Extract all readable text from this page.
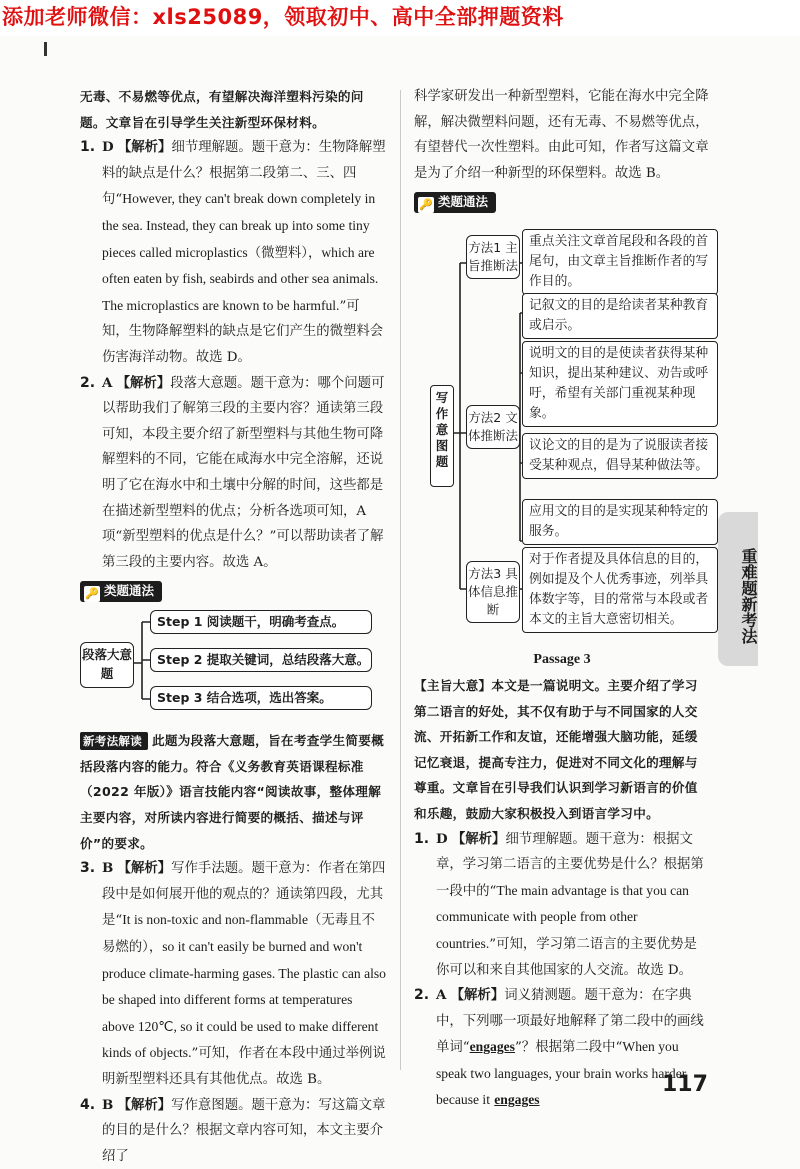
添加老师微信：xls25089，领取初中、高中全部押题资料

无毒、不易燃等优点，有望解决海洋塑料污染的问题。文章旨在引导学生关注新型环保材料。

1. D 【解析】细节理解题。题干意为：生物降解塑料的缺点是什么？根据第二段第二、三、四句“However, they can't break down completely in the sea. Instead, they can break up into some tiny pieces called microplastics（微塑料），which are often eaten by fish, seabirds and other sea animals. The microplastics are known to be harmful.”可知，生物降解塑料的缺点是它们产生的微塑料会伤害海洋动物。故选 D。
2. A 【解析】段落大意题。题干意为：哪个问题可以帮助我们了解第三段的主要内容？通读第三段可知，本段主要介绍了新型塑料与其他生物可降解塑料的不同，它能在咸海水中完全溶解，还说明了它在海水中和土壤中分解的时间，这些都是在描述新型塑料的优点；分析各选项可知，A 项“新型塑料的优点是什么？”可以帮助读者了解第三段的主要内容。故选 A。
🔑 类题通法
段落大意题
Step 1 阅读题干，明确考查点。
Step 2 提取关键词，总结段落大意。
Step 3 结合选项，选出答案。

新考法解读 此题为段落大意题，旨在考查学生简要概括段落内容的能力。符合《义务教育英语课程标准（2022 年版）》语言技能内容“阅读故事，整体理解主要内容，对所读内容进行简要的概括、描述与评价”的要求。

3. B 【解析】写作手法题。题干意为：作者在第四段中是如何展开他的观点的？通读第四段，尤其是“It is non-toxic and non-flammable（无毒且不易燃的），so it can't easily be burned and won't produce climate-harming gases. The plastic can also be shaped into different forms at temperatures above 120℃, so it could be used to make different kinds of objects.”可知，作者在本段中通过举例说明新型塑料还具有其他优点。故选 B。
4. B 【解析】写作意图题。题干意为：写这篇文章的目的是什么？根据文章内容可知，本文主要介绍了

科学家研发出一种新型塑料，它能在海水中完全降解，解决微塑料问题，还有无毒、不易燃等优点，有望替代一次性塑料。由此可知，作者写这篇文章是为了介绍一种新型的环保塑料。故选 B。

🔑 类题通法
写作意图题
方法1 主旨推断法
方法2 文体推断法
方法3 具体信息推断
重点关注文章首尾段和各段的首尾句，由文章主旨推断作者的写作目的。
记叙文的目的是给读者某种教育或启示。
说明文的目的是使读者获得某种知识，提出某种建议、劝告或呼吁，希望有关部门重视某种现象。
议论文的目的是为了说服读者接受某种观点，倡导某种做法等。
应用文的目的是实现某种特定的服务。
对于作者提及具体信息的目的，例如提及个人优秀事迹，列举具体数字等，目的常常与本段或者本文的主旨大意密切相关。

Passage 3

【主旨大意】本文是一篇说明文。主要介绍了学习第二语言的好处，其不仅有助于与不同国家的人交流、开拓新工作和友谊，还能增强大脑功能，延缓记忆衰退，提高专注力，促进对不同文化的理解与尊重。文章旨在引导我们认识到学习新语言的价值和乐趣，鼓励大家积极投入到语言学习中。

1. D 【解析】细节理解题。题干意为：根据文章，学习第二语言的主要优势是什么？根据第一段中的“The main advantage is that you can communicate with people from other countries.”可知，学习第二语言的主要优势是你可以和来自其他国家的人交流。故选 D。
2. A 【解析】词义猜测题。题干意为：在字典中，下列哪一项最好地解释了第二段中的画线单词“engages”？根据第二段中“When you speak two languages, your brain works harder because it engages
重难题新考法
117
